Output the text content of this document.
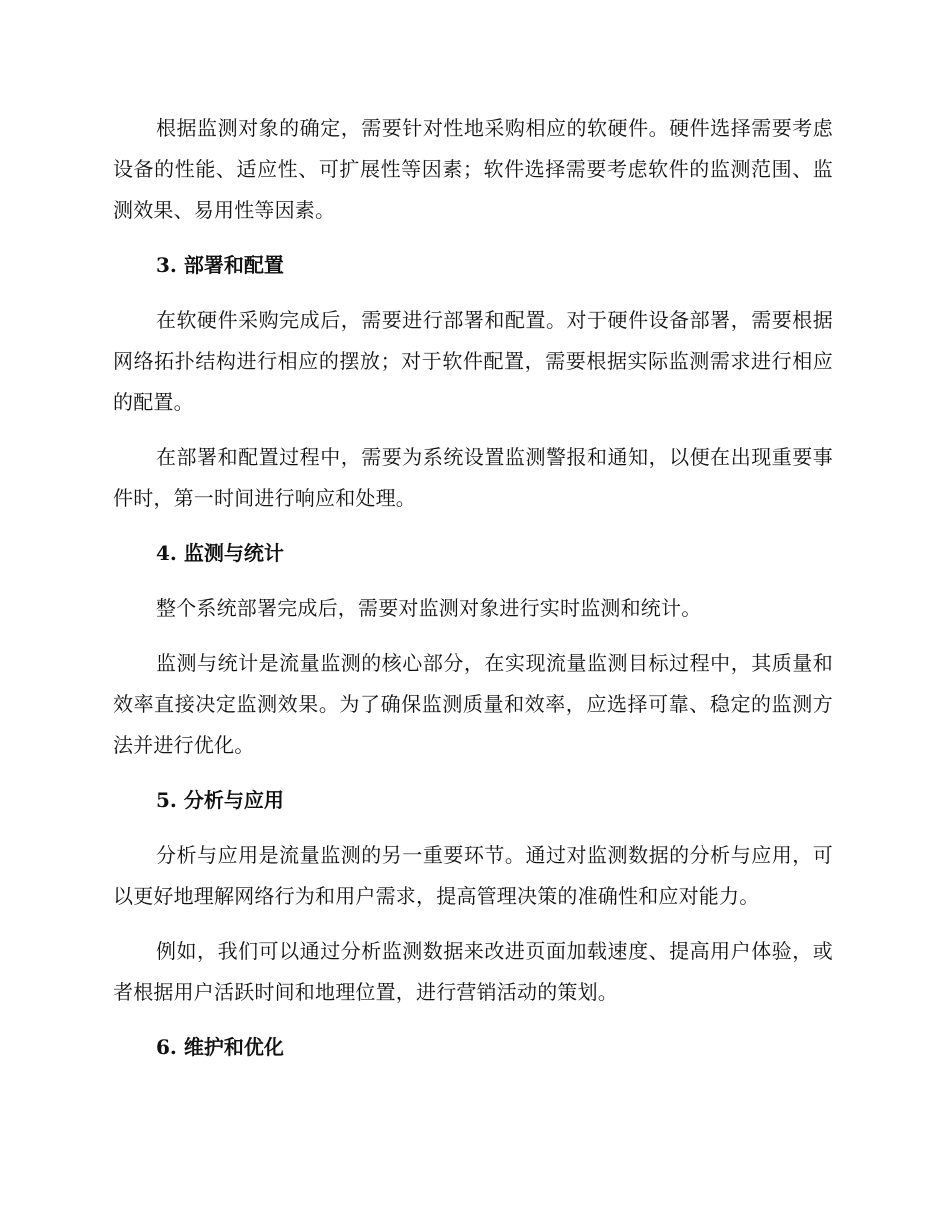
根据监测对象的确定，需要针对性地采购相应的软硬件。硬件选择需要考虑设备的性能、适应性、可扩展性等因素；软件选择需要考虑软件的监测范围、监测效果、易用性等因素。

3. 部署和配置

在软硬件采购完成后，需要进行部署和配置。对于硬件设备部署，需要根据网络拓扑结构进行相应的摆放；对于软件配置，需要根据实际监测需求进行相应的配置。

在部署和配置过程中，需要为系统设置监测警报和通知，以便在出现重要事件时，第一时间进行响应和处理。

4. 监测与统计

整个系统部署完成后，需要对监测对象进行实时监测和统计。

监测与统计是流量监测的核心部分，在实现流量监测目标过程中，其质量和效率直接决定监测效果。为了确保监测质量和效率，应选择可靠、稳定的监测方法并进行优化。

5. 分析与应用

分析与应用是流量监测的另一重要环节。通过对监测数据的分析与应用，可以更好地理解网络行为和用户需求，提高管理决策的准确性和应对能力。

例如，我们可以通过分析监测数据来改进页面加载速度、提高用户体验，或者根据用户活跃时间和地理位置，进行营销活动的策划。

6. 维护和优化
